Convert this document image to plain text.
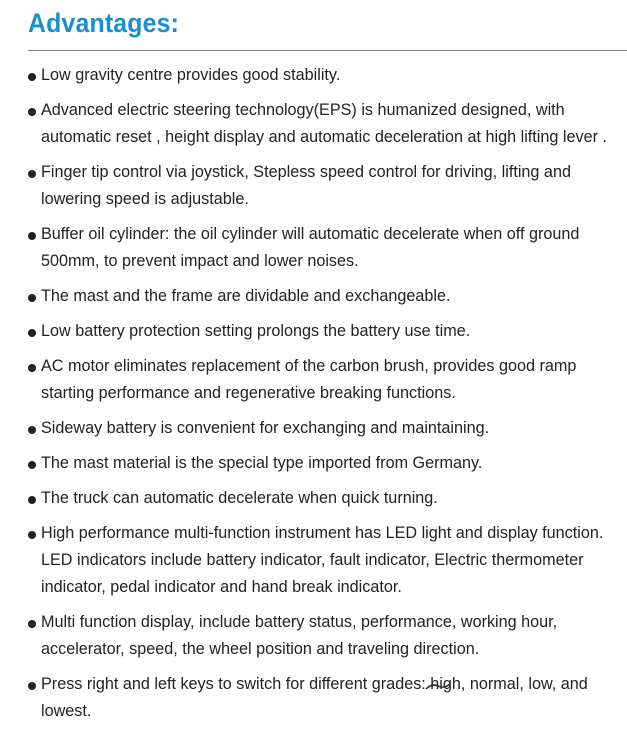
Advantages:
Low gravity centre provides good stability.
Advanced electric steering technology(EPS) is humanized designed, with automatic reset , height display and automatic deceleration at high lifting lever .
Finger tip control via joystick, Stepless speed control for driving, lifting and lowering speed is adjustable.
Buffer oil cylinder: the oil cylinder will automatic decelerate when off ground 500mm, to prevent impact and lower noises.
The mast and the frame are dividable and exchangeable.
Low battery protection setting prolongs the battery use time.
AC motor eliminates replacement of the carbon brush, provides good ramp starting performance and regenerative breaking functions.
Sideway battery is convenient for exchanging and maintaining.
The mast material is the special type imported from Germany.
The truck can automatic decelerate when quick turning.
High performance multi-function instrument has LED light and display function. LED indicators include battery indicator, fault indicator, Electric thermometer indicator, pedal indicator and hand break indicator.
Multi function display, include battery status, performance, working hour, accelerator, speed, the wheel position and traveling direction.
Press right and left keys to switch for different grades: high, normal, low, and lowest.
